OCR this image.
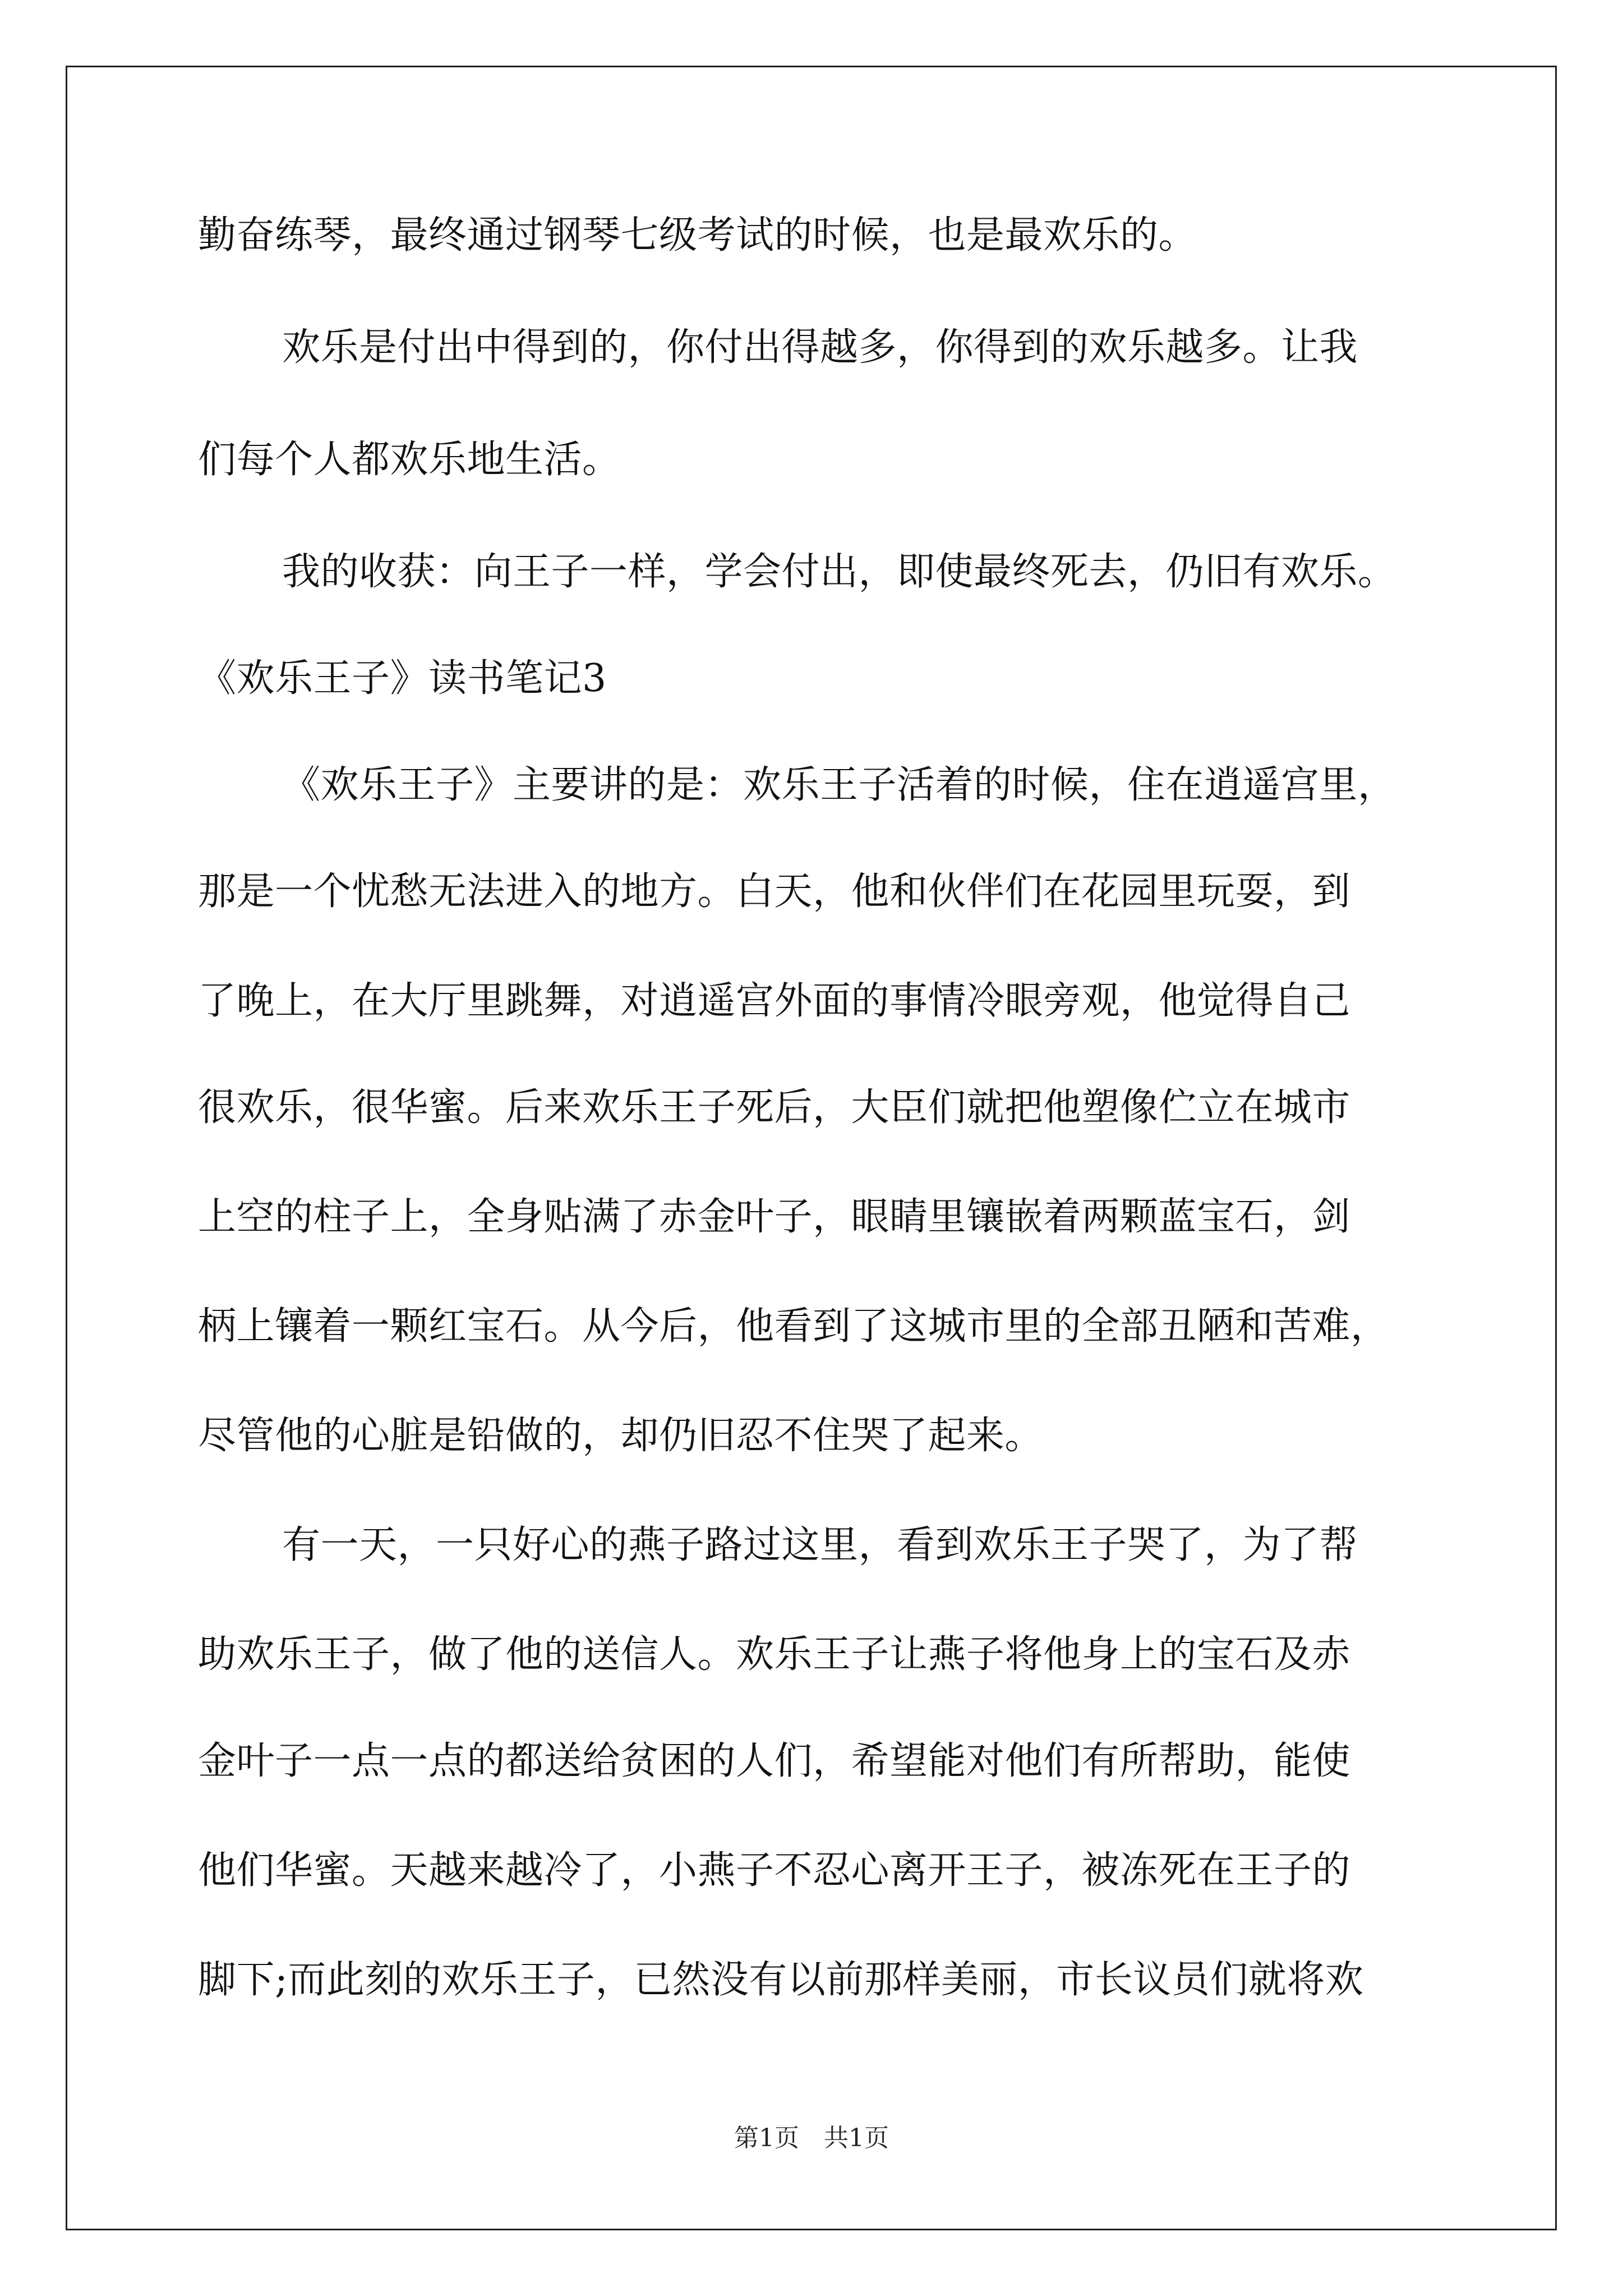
勤奋练琴，最终通过钢琴七级考试的时候，也是最欢乐的。
欢乐是付出中得到的，你付出得越多，你得到的欢乐越多。让我
们每个人都欢乐地生活。
我的收获：向王子一样，学会付出，即使最终死去，仍旧有欢乐。
《欢乐王子》读书笔记3
《欢乐王子》主要讲的是：欢乐王子活着的时候，住在逍遥宫里，
那是一个忧愁无法进入的地方。白天，他和伙伴们在花园里玩耍，到
了晚上，在大厅里跳舞，对逍遥宫外面的事情冷眼旁观，他觉得自己
很欢乐，很华蜜。后来欢乐王子死后，大臣们就把他塑像伫立在城市
上空的柱子上，全身贴满了赤金叶子，眼睛里镶嵌着两颗蓝宝石，剑
柄上镶着一颗红宝石。从今后，他看到了这城市里的全部丑陋和苦难，
尽管他的心脏是铅做的，却仍旧忍不住哭了起来。
有一天，一只好心的燕子路过这里，看到欢乐王子哭了，为了帮
助欢乐王子，做了他的送信人。欢乐王子让燕子将他身上的宝石及赤
金叶子一点一点的都送给贫困的人们，希望能对他们有所帮助，能使
他们华蜜。天越来越冷了，小燕子不忍心离开王子，被冻死在王子的
脚下;而此刻的欢乐王子，已然没有以前那样美丽，市长议员们就将欢
第1页　共1页
